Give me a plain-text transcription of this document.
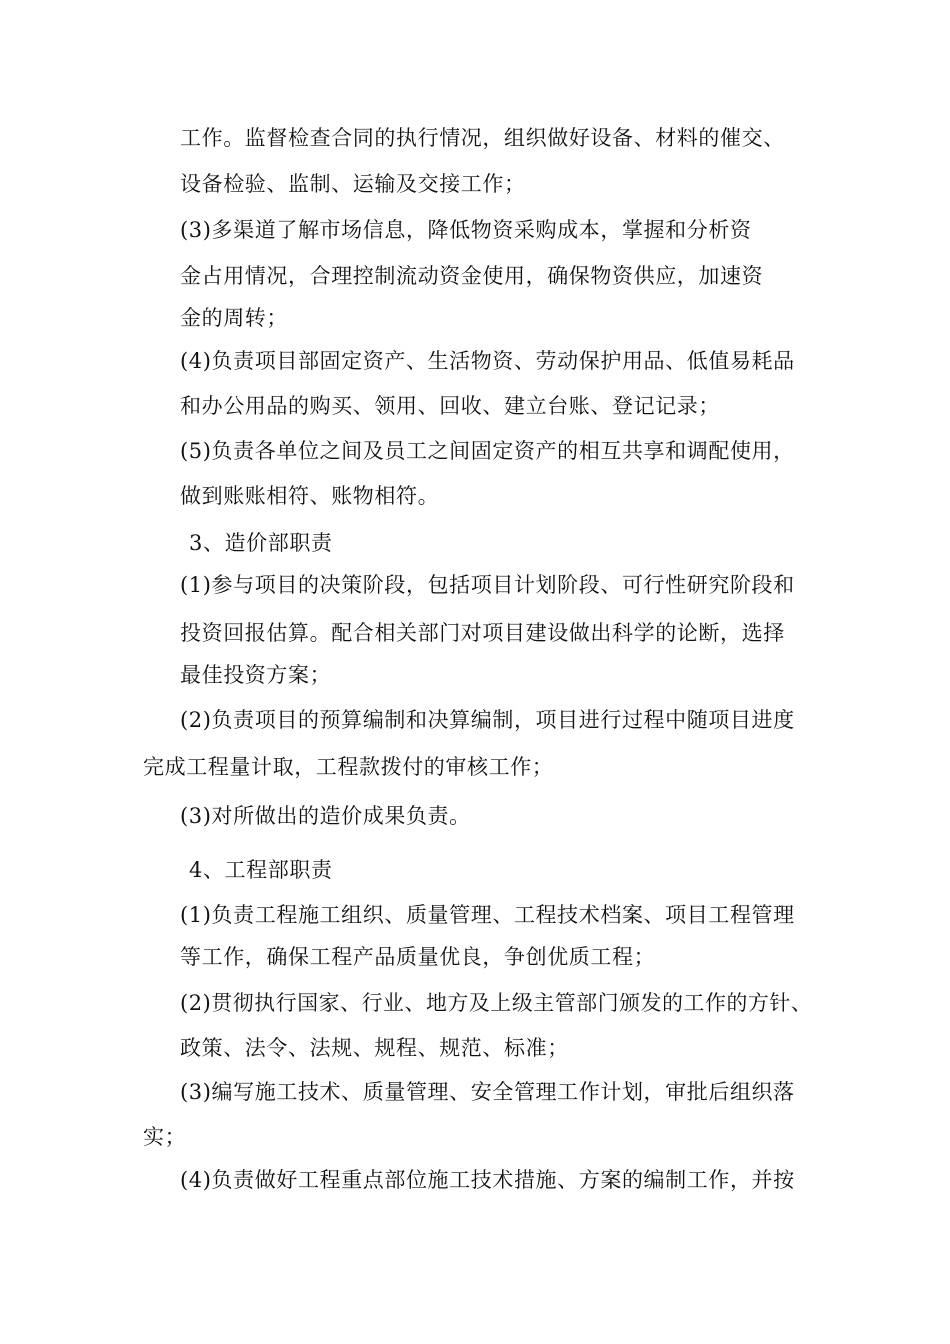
工作。监督检查合同的执行情况，组织做好设备、材料的催交、
设备检验、监制、运输及交接工作；
(3)多渠道了解市场信息，降低物资采购成本，掌握和分析资
金占用情况，合理控制流动资金使用，确保物资供应，加速资
金的周转；
(4)负责项目部固定资产、生活物资、劳动保护用品、低值易耗品
和办公用品的购买、领用、回收、建立台账、登记记录；
(5)负责各单位之间及员工之间固定资产的相互共享和调配使用，
做到账账相符、账物相符。
3、造价部职责
(1)参与项目的决策阶段，包括项目计划阶段、可行性研究阶段和
投资回报估算。配合相关部门对项目建设做出科学的论断，选择
最佳投资方案；
(2)负责项目的预算编制和决算编制，项目进行过程中随项目进度
完成工程量计取，工程款拨付的审核工作；
(3)对所做出的造价成果负责。
4、工程部职责
(1)负责工程施工组织、质量管理、工程技术档案、项目工程管理
等工作，确保工程产品质量优良，争创优质工程；
(2)贯彻执行国家、行业、地方及上级主管部门颁发的工作的方针、
政策、法令、法规、规程、规范、标准；
(3)编写施工技术、质量管理、安全管理工作计划，审批后组织落
实；
(4)负责做好工程重点部位施工技术措施、方案的编制工作，并按
